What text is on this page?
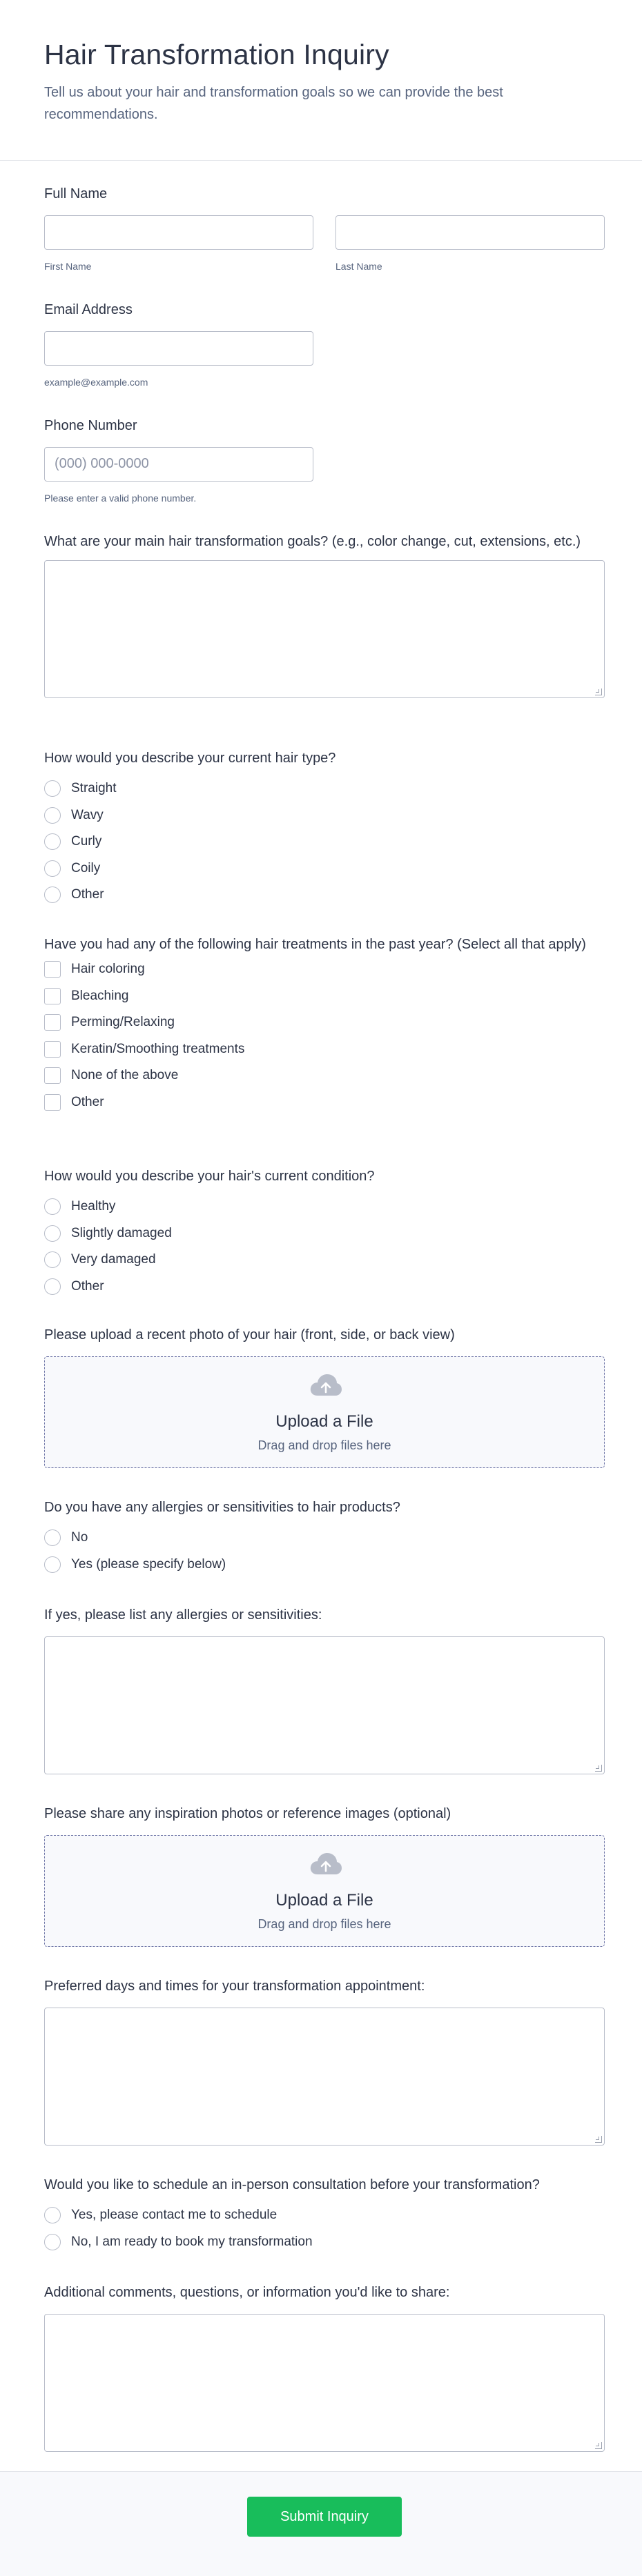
Hair Transformation Inquiry

Tell us about your hair and transformation goals so we can provide the best recommendations.

Full Name
First Name	Last Name
Email Address
example@example.com
Phone Number
(000) 000-0000
Please enter a valid phone number.
What are your main hair transformation goals? (e.g., color change, cut, extensions, etc.)
How would you describe your current hair type?
Straight
Wavy
Curly
Coily
Other
Have you had any of the following hair treatments in the past year? (Select all that apply)
Hair coloring
Bleaching
Perming/Relaxing
Keratin/Smoothing treatments
None of the above
Other
How would you describe your hair's current condition?
Healthy
Slightly damaged
Very damaged
Other
Please upload a recent photo of your hair (front, side, or back view)
Upload a File
Drag and drop files here
Do you have any allergies or sensitivities to hair products?
No
Yes (please specify below)
If yes, please list any allergies or sensitivities:
Please share any inspiration photos or reference images (optional)
Upload a File
Drag and drop files here
Preferred days and times for your transformation appointment:
Would you like to schedule an in-person consultation before your transformation?
Yes, please contact me to schedule
No, I am ready to book my transformation
Additional comments, questions, or information you'd like to share:
Submit Inquiry
